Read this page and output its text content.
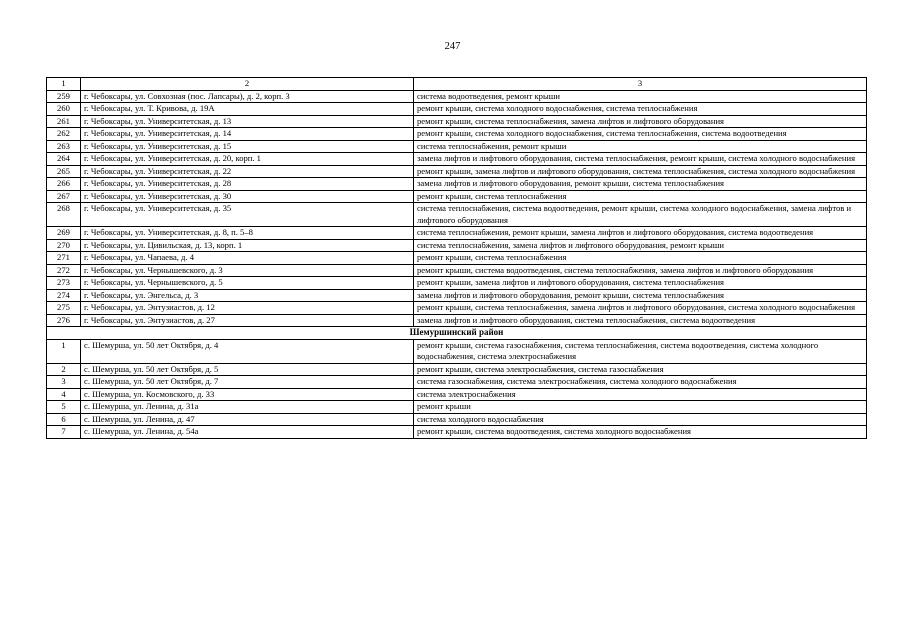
247
1	2	3
259	г. Чебоксары, ул. Совхозная (пос. Лапсары), д. 2, корп. 3	система водоотведения, ремонт крыши
260	г. Чебоксары, ул. Т. Кривова, д. 19А	ремонт крыши, система холодного водоснабжения, система теплоснабжения
261	г. Чебоксары, ул. Университетская, д. 13	ремонт крыши, система теплоснабжения, замена лифтов и лифтового оборудования
262	г. Чебоксары, ул. Университетская, д. 14	ремонт крыши, система холодного водоснабжения, система теплоснабжения, система водоотведения
263	г. Чебоксары, ул. Университетская, д. 15	система теплоснабжения, ремонт крыши
264	г. Чебоксары, ул. Университетская, д. 20, корп. 1	замена лифтов и лифтового оборудования, система теплоснабжения, ремонт крыши, система холодного водоснабжения
265	г. Чебоксары, ул. Университетская, д. 22	ремонт крыши, замена лифтов и лифтового оборудования, система теплоснабжения, система холодного водоснабжения
266	г. Чебоксары, ул. Университетская, д. 28	замена лифтов и лифтового оборудования, ремонт крыши, система теплоснабжения
267	г. Чебоксары, ул. Университетская, д. 30	ремонт крыши, система теплоснабжения
268	г. Чебоксары, ул. Университетская, д. 35	система теплоснабжения, система водоотведения, ремонт крыши, система холодного водоснабжения, замена лифтов и лифтового оборудования
269	г. Чебоксары, ул. Университетская, д. 8, п. 5–8	система теплоснабжения, ремонт крыши, замена лифтов и лифтового оборудования, система водоотведения
270	г. Чебоксары, ул. Цивильская, д. 13, корп. 1	система теплоснабжения, замена лифтов и лифтового оборудования, ремонт крыши
271	г. Чебоксары, ул. Чапаева, д. 4	ремонт крыши, система теплоснабжения
272	г. Чебоксары, ул. Чернышевского, д. 3	ремонт крыши, система водоотведения, система теплоснабжения, замена лифтов и лифтового оборудования
273	г. Чебоксары, ул. Чернышевского, д. 5	ремонт крыши, замена лифтов и лифтового оборудования, система теплоснабжения
274	г. Чебоксары, ул. Энгельса, д. 3	замена лифтов и лифтового оборудования, ремонт крыши, система теплоснабжения
275	г. Чебоксары, ул. Энтузиастов, д. 12	ремонт крыши, система теплоснабжения, замена лифтов и лифтового оборудования, система холодного водоснабжения
276	г. Чебоксары, ул. Энтузиастов, д. 27	замена лифтов и лифтового оборудования, система теплоснабжения, система водоотведения
Шемуршинский район		
1	с. Шемурша, ул. 50 лет Октября, д. 4	ремонт крыши, система газоснабжения, система теплоснабжения, система водоотведения, система холодного водоснабжения, система электроснабжения
2	с. Шемурша, ул. 50 лет Октября, д. 5	ремонт крыши, система электроснабжения, система газоснабжения
3	с. Шемурша, ул. 50 лет Октября, д. 7	система газоснабжения, система электроснабжения, система холодного водоснабжения
4	с. Шемурша, ул. Космовского, д. 33	система электроснабжения
5	с. Шемурша, ул. Ленина, д. 31а	ремонт крыши
6	с. Шемурша, ул. Ленина, д. 47	система холодного водоснабжения
7	с. Шемурша, ул. Ленина, д. 54а	ремонт крыши, система водоотведения, система холодного водоснабжения
